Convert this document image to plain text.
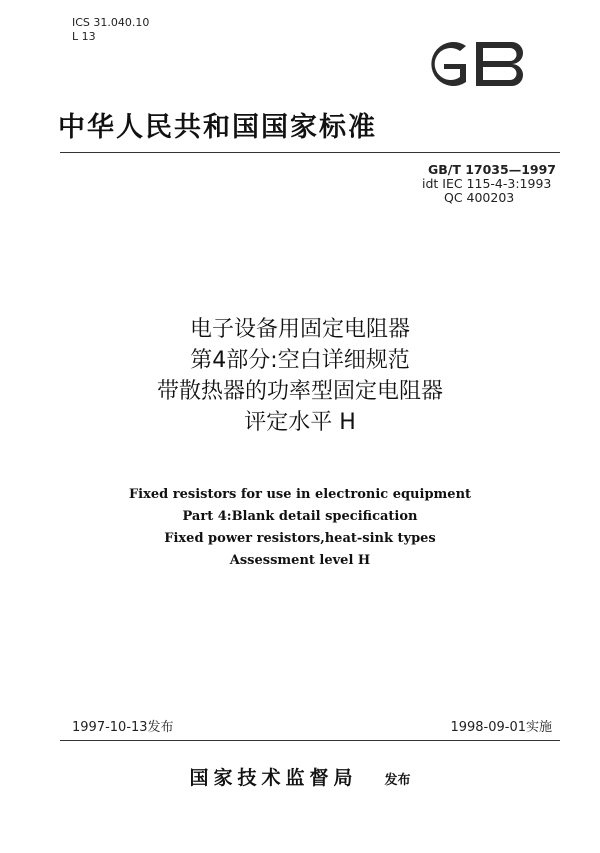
ICS 31.040.10
L 13
中华人民共和国国家标准
GB/T 17035—1997
idt IEC 115-4-3:1993
QC 400203
电子设备用固定电阻器
第4部分:空白详细规范
带散热器的功率型固定电阻器
评定水平 H
Fixed resistors for use in electronic equipment
Part 4:Blank detail specification
Fixed power resistors,heat-sink types
Assessment level H
1997-10-13发布	1998-09-01实施
国家技术监督局 发布
